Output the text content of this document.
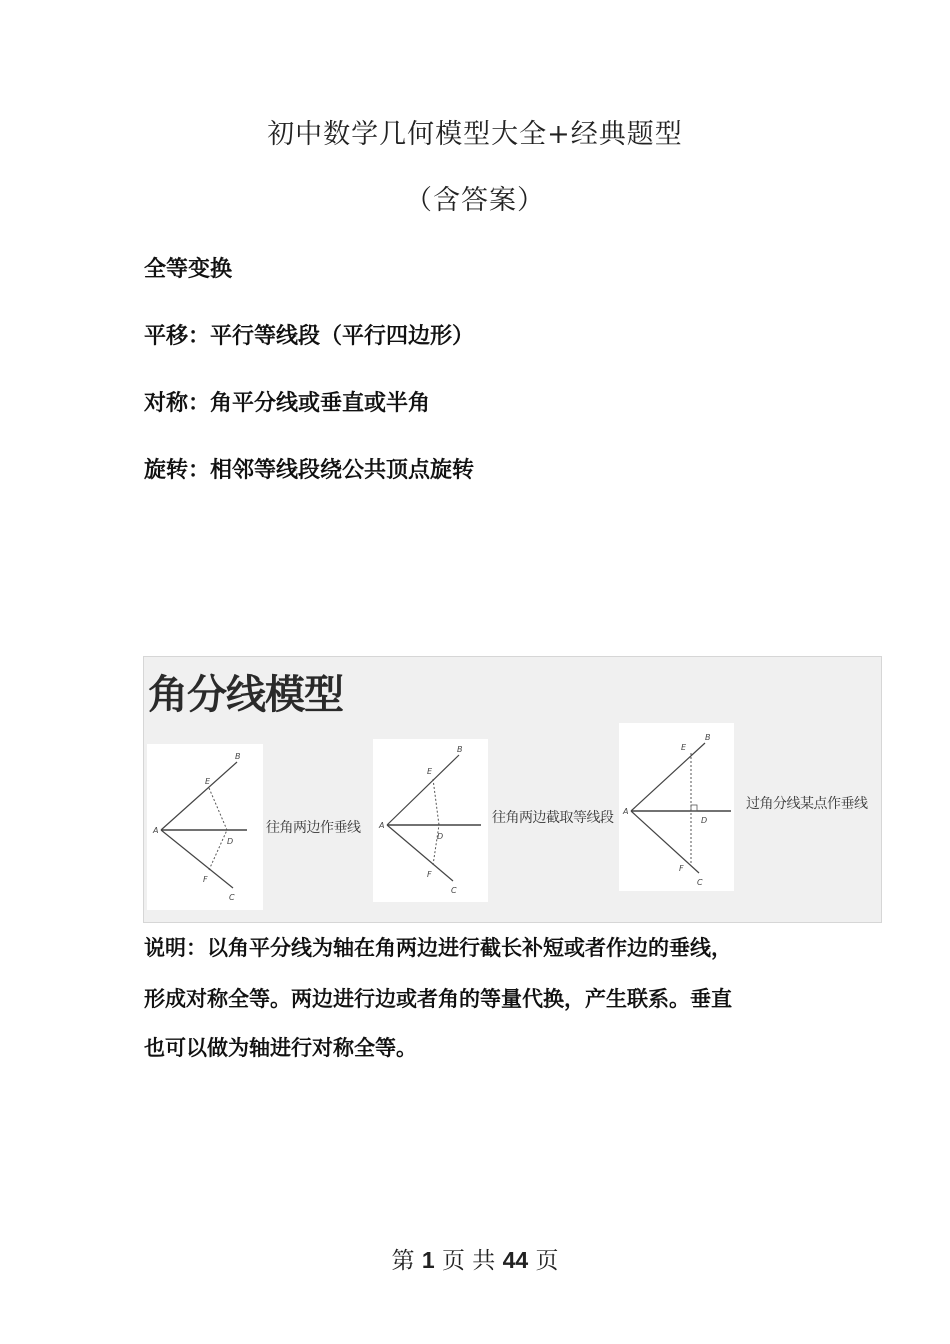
初中数学几何模型大全+经典题型
（含答案）
全等变换
平移：平行等线段（平行四边形）
对称：角平分线或垂直或半角
旋转：相邻等线段绕公共顶点旋转
角分线模型
A
B
C
D
E
F
往角两边作垂线 A
B
C
D
E
F
往角两边截取等线段 A
B
C
D
E
F
过角分线某点作垂线
说明：以角平分线为轴在角两边进行截长补短或者作边的垂线，
形成对称全等。两边进行边或者角的等量代换，产生联系。垂直
也可以做为轴进行对称全等。
第 1 页 共 44 页
